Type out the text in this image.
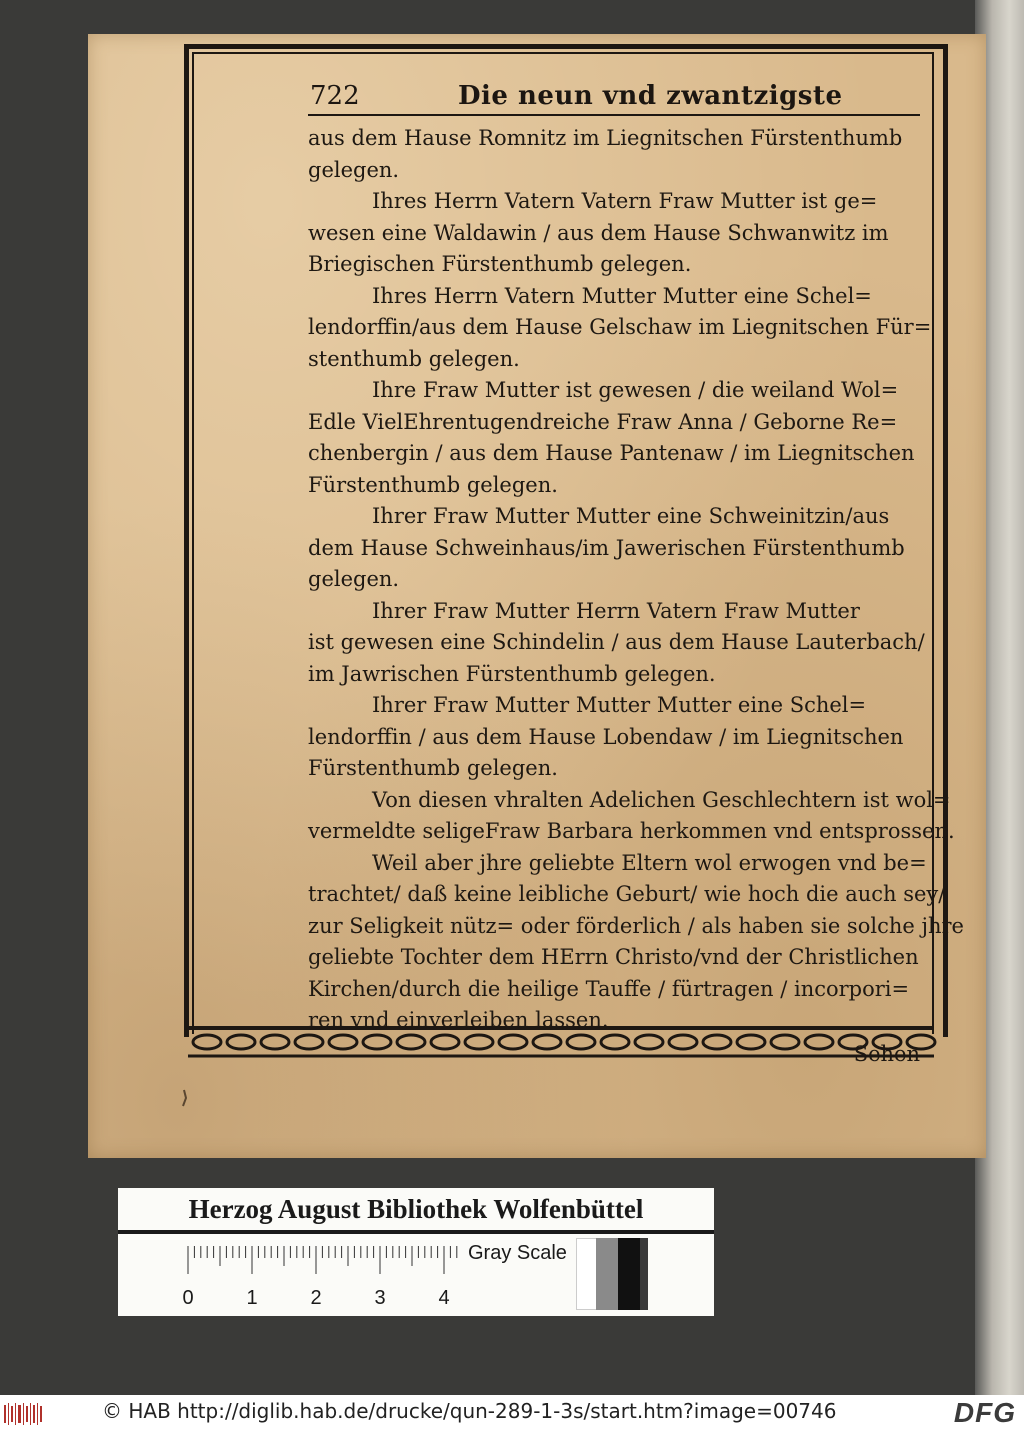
722	Die neun vnd zwantzigste
aus dem Hause Romnitz im Liegnitschen Fürstenthumb
gelegen.
Ihres Herrn Vatern Vatern Fraw Mutter ist ge=
wesen eine Waldawin / aus dem Hause Schwanwitz im
Briegischen Fürstenthumb gelegen.
Ihres Herrn Vatern Mutter Mutter eine Schel=
lendorffin/aus dem Hause Gelschaw im Liegnitschen Für=
stenthumb gelegen.
Ihre Fraw Mutter ist gewesen / die weiland Wol=
Edle VielEhrentugendreiche Fraw Anna / Geborne Re=
chenbergin / aus dem Hause Pantenaw / im Liegnitschen
Fürstenthumb gelegen.
Ihrer Fraw Mutter Mutter eine Schweinitzin/aus
dem Hause Schweinhaus/im Jawerischen Fürstenthumb
gelegen.
Ihrer Fraw Mutter Herrn Vatern Fraw Mutter
ist gewesen eine Schindelin / aus dem Hause Lauterbach/
im Jawrischen Fürstenthumb gelegen.
Ihrer Fraw Mutter Mutter Mutter eine Schel=
lendorffin / aus dem Hause Lobendaw / im Liegnitschen
Fürstenthumb gelegen.
Von diesen vhralten Adelichen Geschlechtern ist wol=
vermeldte seligeFraw Barbara herkommen vnd entsprossen.
Weil aber jhre geliebte Eltern wol erwogen vnd be=
trachtet/ daß keine leibliche Geburt/ wie hoch die auch sey/
zur Seligkeit nütz= oder förderlich / als haben sie solche jhre
geliebte Tochter dem HErrn Christo/vnd der Christlichen
Kirchen/durch die heilige Tauffe / fürtragen / incorpori=
ren vnd einverleiben lassen.
Sehen
Herzog August Bibliothek Wolfenbüttel
0	1	2	3	4
Gray Scale
© HAB http://diglib.hab.de/drucke/qun-289-1-3s/start.htm?image=00746	DFG
